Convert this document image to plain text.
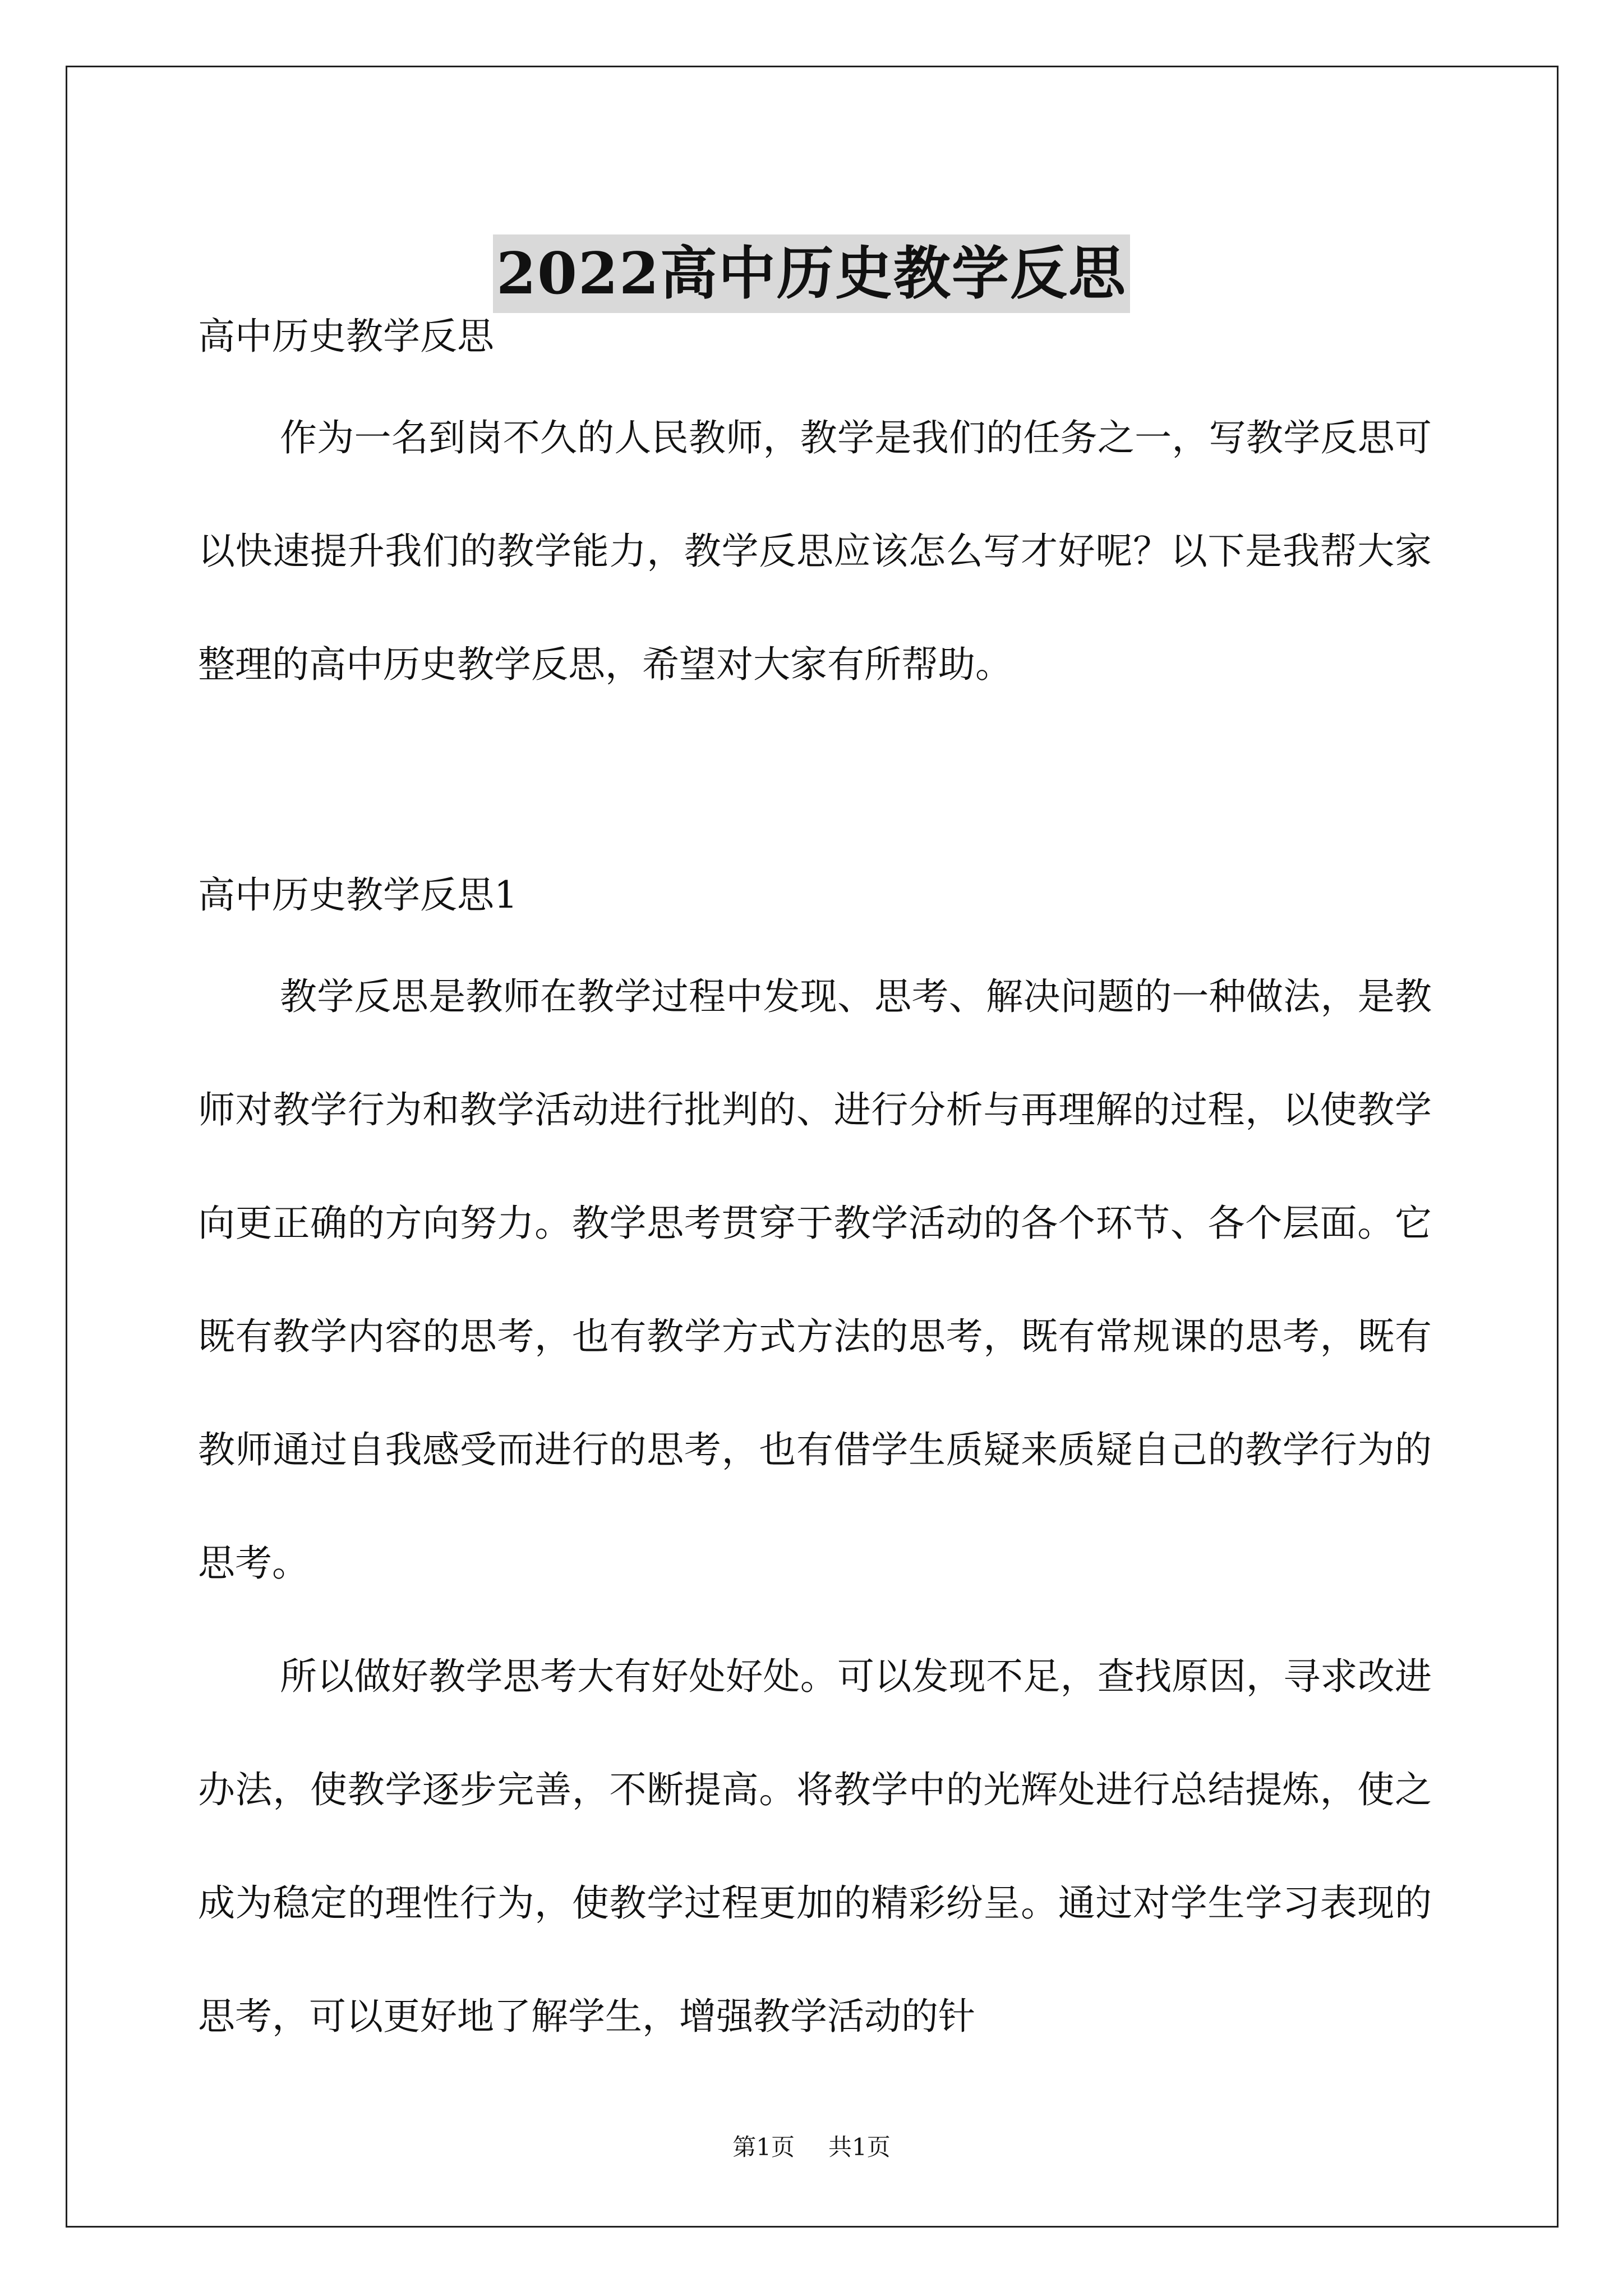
2022高中历史教学反思

高中历史教学反思

作为一名到岗不久的人民教师，教学是我们的任务之一，写教学反思可以快速提升我们的教学能力，教学反思应该怎么写才好呢？以下是我帮大家整理的高中历史教学反思，希望对大家有所帮助。

高中历史教学反思1

教学反思是教师在教学过程中发现、思考、解决问题的一种做法，是教师对教学行为和教学活动进行批判的、进行分析与再理解的过程，以使教学向更正确的方向努力。教学思考贯穿于教学活动的各个环节、各个层面。它既有教学内容的思考，也有教学方式方法的思考，既有常规课的思考，既有教师通过自我感受而进行的思考，也有借学生质疑来质疑自己的教学行为的思考。

所以做好教学思考大有好处好处。可以发现不足，查找原因，寻求改进办法，使教学逐步完善，不断提高。将教学中的光辉处进行总结提炼，使之成为稳定的理性行为，使教学过程更加的精彩纷呈。通过对学生学习表现的思考，可以更好地了解学生，增强教学活动的针

第1页 共1页
